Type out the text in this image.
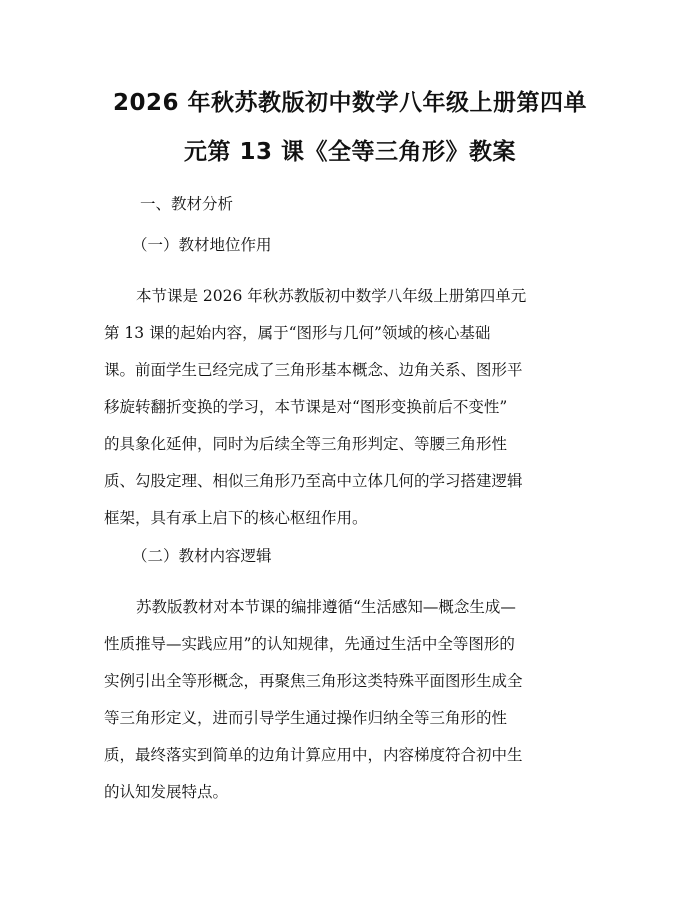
2026 年秋苏教版初中数学八年级上册第四单
元第 13 课《全等三角形》教案
一、教材分析
（一）教材地位作用
本节课是 2026 年秋苏教版初中数学八年级上册第四单元
第 13 课的起始内容，属于“图形与几何”领域的核心基础
课。前面学生已经完成了三角形基本概念、边角关系、图形平
移旋转翻折变换的学习，本节课是对“图形变换前后不变性”
的具象化延伸，同时为后续全等三角形判定、等腰三角形性
质、勾股定理、相似三角形乃至高中立体几何的学习搭建逻辑
框架，具有承上启下的核心枢纽作用。
（二）教材内容逻辑
苏教版教材对本节课的编排遵循“生活感知—概念生成—
性质推导—实践应用”的认知规律，先通过生活中全等图形的
实例引出全等形概念，再聚焦三角形这类特殊平面图形生成全
等三角形定义，进而引导学生通过操作归纳全等三角形的性
质，最终落实到简单的边角计算应用中，内容梯度符合初中生
的认知发展特点。
